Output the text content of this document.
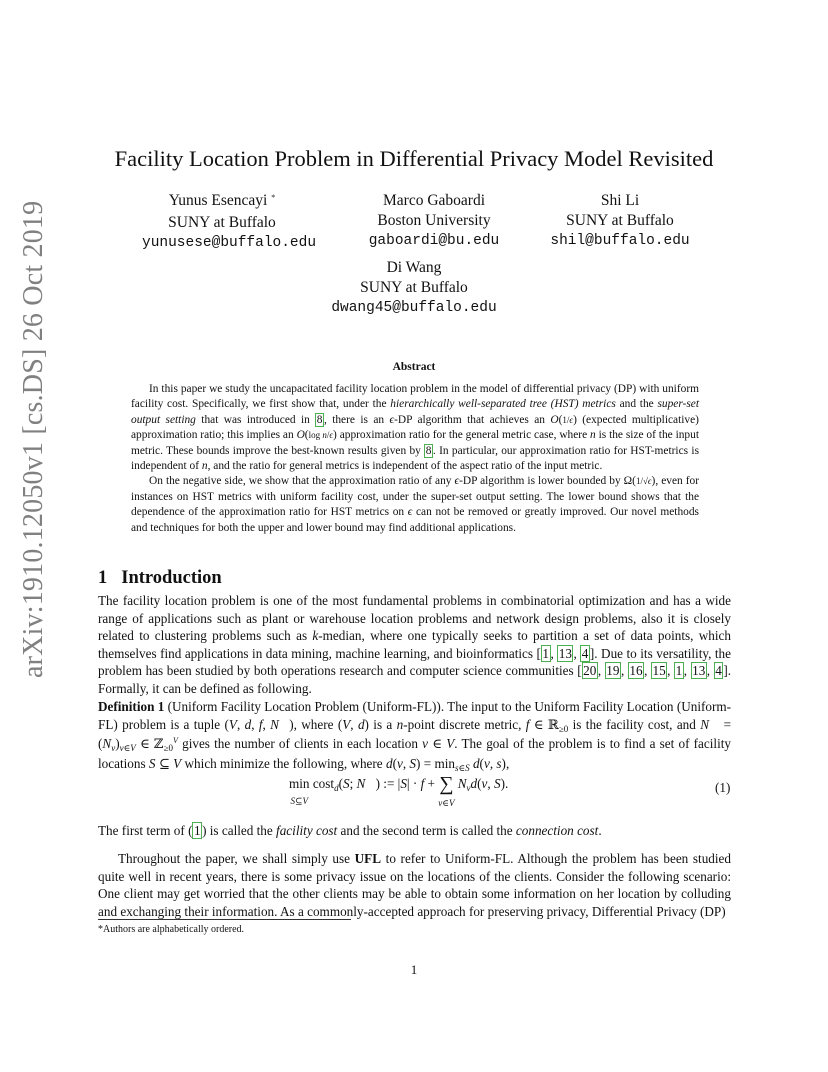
arXiv:1910.12050v1 [cs.DS] 26 Oct 2019
Facility Location Problem in Differential Privacy Model Revisited
Yunus Esencayi *
SUNY at Buffalo
yunusese@buffalo.edu
Marco Gaboardi
Boston University
gaboardi@bu.edu
Shi Li
SUNY at Buffalo
shil@buffalo.edu
Di Wang
SUNY at Buffalo
dwang45@buffalo.edu
Abstract

In this paper we study the uncapacitated facility location problem in the model of differential privacy (DP) with uniform facility cost. Specifically, we first show that, under the hierarchically well-separated tree (HST) metrics and the super-set output setting that was introduced in 8 , there is an ϵ-DP algorithm that achieves an O(1/ϵ) (expected multiplicative) approximation ratio; this implies an O(log n/ϵ) approximation ratio for the general metric case, where n is the size of the input metric. These bounds improve the best-known results given by 8 . In particular, our approximation ratio for HST-metrics is independent of n, and the ratio for general metrics is independent of the aspect ratio of the input metric.

On the negative side, we show that the approximation ratio of any ϵ-DP algorithm is lower bounded by Ω(1/√ϵ), even for instances on HST metrics with uniform facility cost, under the super-set output setting. The lower bound shows that the dependence of the approximation ratio for HST metrics on ϵ can not be removed or greatly improved. Our novel methods and techniques for both the upper and lower bound may find additional applications.

1 Introduction

The facility location problem is one of the most fundamental problems in combinatorial optimization and has a wide range of applications such as plant or warehouse location problems and network design problems, also it is closely related to clustering problems such as k-median, where one typically seeks to partition a set of data points, which themselves find applications in data mining, machine learning, and bioinformatics [ 1 , 13 , 4 ]. Due to its versatility, the problem has been studied by both operations research and computer science communities [ 20 , 19 , 16 , 15 , 1 , 13 , 4 ]. Formally, it can be defined as following.

Definition 1 (Uniform Facility Location Problem (Uniform-FL)). The input to the Uniform Facility Location (Uniform-FL) problem is a tuple (V, d, f, N⃗), where (V, d) is a n-point discrete metric, f ∈ ℝ$_{\ge 0}$ is the facility cost, and N⃗ = $(N_v)_{v\in V}$ ∈ ℤ$_{\ge 0}^V$ gives the number of clients in each location v ∈ V. The goal of the problem is to find a set of facility locations S ⊆ V which minimize the following, where d(v, $S) = \min_{s\in S} d(v$, s),

min
S⊆V cost$_d$(S; N⃗) := |S| · f + ∑
v∈V $N_vd(v$, S).	(1)

The first term of ( 1 ) is called the facility cost and the second term is called the connection cost.

Throughout the paper, we shall simply use UFL to refer to Uniform-FL. Although the problem has been studied quite well in recent years, there is some privacy issue on the locations of the clients. Consider the following scenario: One client may get worried that the other clients may be able to obtain some information on her location by colluding and exchanging their information. As a commonly-accepted approach for preserving privacy, Differential Privacy (DP)

*Authors are alphabetically ordered.
1
